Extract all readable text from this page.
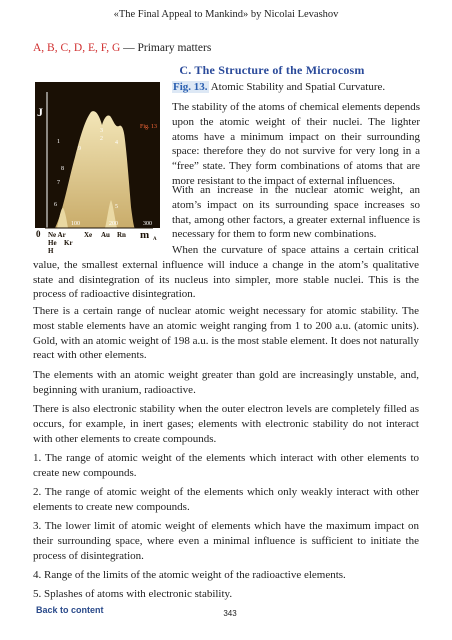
«The Final Appeal to Mankind» by Nicolai Levashov
A, B, C, D, E, F, G — Primary matters
C. The Structure of the Microcosm
J
Fig. 13
1	2
3
4
5
6
7
8
9
100	200	300
0 Ne Ar	Xe Au Rn m A
He Kr
H
Fig. 13. Atomic Stability and Spatial Curvature.

The stability of the atoms of chemical elements depends upon the atomic weight of their nuclei. The lighter atoms have a minimum impact on their surrounding space: therefore they do not survive for very long in a “free” state. They form combinations of atoms that are more resistant to the impact of external influences.

With an increase in the nuclear atomic weight, an atom’s impact on its surrounding space increases so that, among other factors, a greater external influence is necessary for them to form new combinations.

When the curvature of space attains a certain critical value, the smallest external influence will induce a change in the atom’s qualitative state and disintegration of its nucleus into simpler, more stable nuclei. This is the process of radioactive disintegration.

There is a certain range of nuclear atomic weight necessary for atomic stability. The most stable elements have an atomic weight ranging from 1 to 200 a.u. (atomic units). Gold, with an atomic weight of 198 a.u. is the most stable element. It does not naturally react with other elements.

The elements with an atomic weight greater than gold are increasingly unstable, and, beginning with uranium, radioactive.

There is also electronic stability when the outer electron levels are completely filled as occurs, for example, in inert gases; elements with electronic stability do not interact with other elements to create compounds.

1. The range of atomic weight of the elements which interact with other elements to create new compounds.

2. The range of atomic weight of the elements which only weakly interact with other elements to create new compounds.

3. The lower limit of atomic weight of elements which have the maximum impact on their surrounding space, where even a minimal influence is sufficient to initiate the process of disintegration.

4. Range of the limits of the atomic weight of the radioactive elements.

5. Splashes of atoms with electronic stability.

Back to content	343
